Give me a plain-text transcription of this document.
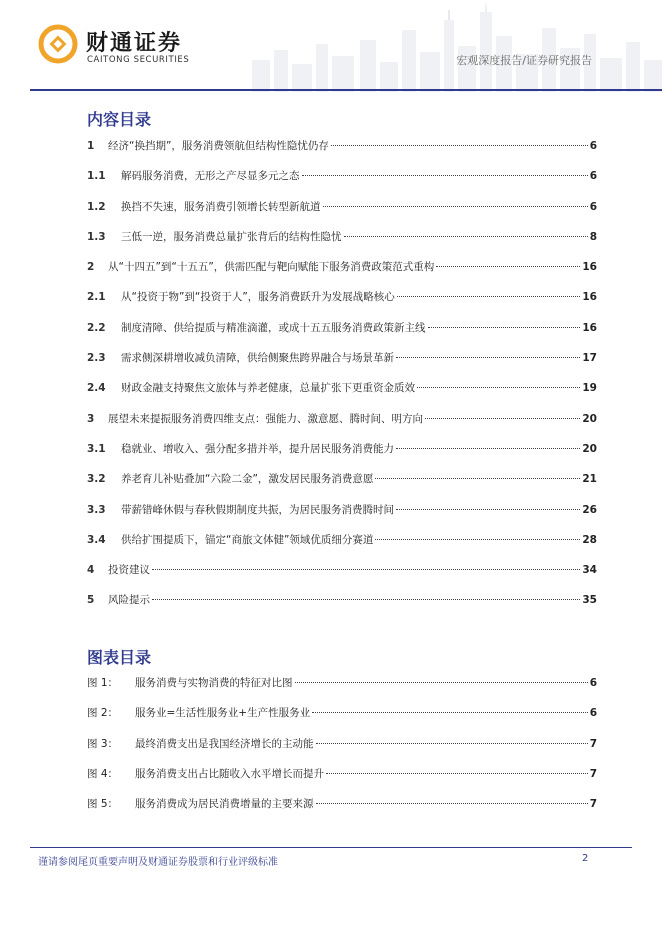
财通证券
CAITONG SECURITIES	宏观深度报告/证券研究报告
内容目录
1	经济“换挡期”，服务消费领航但结构性隐忧仍存	6
1.1	解码服务消费，无形之产尽显多元之态	6
1.2	换挡不失速，服务消费引领增长转型新航道	6
1.3	三低一逆，服务消费总量扩张背后的结构性隐忧	8
2	从“十四五”到“十五五”，供需匹配与靶向赋能下服务消费政策范式重构	16
2.1	从“投资于物”到“投资于人”，服务消费跃升为发展战略核心	16
2.2	制度清障、供给提质与精准滴灌，或成十五五服务消费政策新主线	16
2.3	需求侧深耕增收减负清障，供给侧聚焦跨界融合与场景革新	17
2.4	财政金融支持聚焦文旅体与养老健康，总量扩张下更重资金质效	19
3	展望未来提振服务消费四维支点：强能力、激意愿、腾时间、明方向	20
3.1	稳就业、增收入、强分配多措并举，提升居民服务消费能力	20
3.2	养老育儿补贴叠加“六险二金”，激发居民服务消费意愿	21
3.3	带薪错峰休假与春秋假期制度共振，为居民服务消费腾时间	26
3.4	供给扩围提质下，锚定“商旅文体健”领域优质细分赛道	28
4	投资建议	34
5	风险提示	35
图表目录
图 1：	服务消费与实物消费的特征对比图	6
图 2：	服务业=生活性服务业+生产性服务业	6
图 3：	最终消费支出是我国经济增长的主动能	7
图 4：	服务消费支出占比随收入水平增长而提升	7
图 5：	服务消费成为居民消费增量的主要来源	7
谨请参阅尾页重要声明及财通证券股票和行业评级标准	2
